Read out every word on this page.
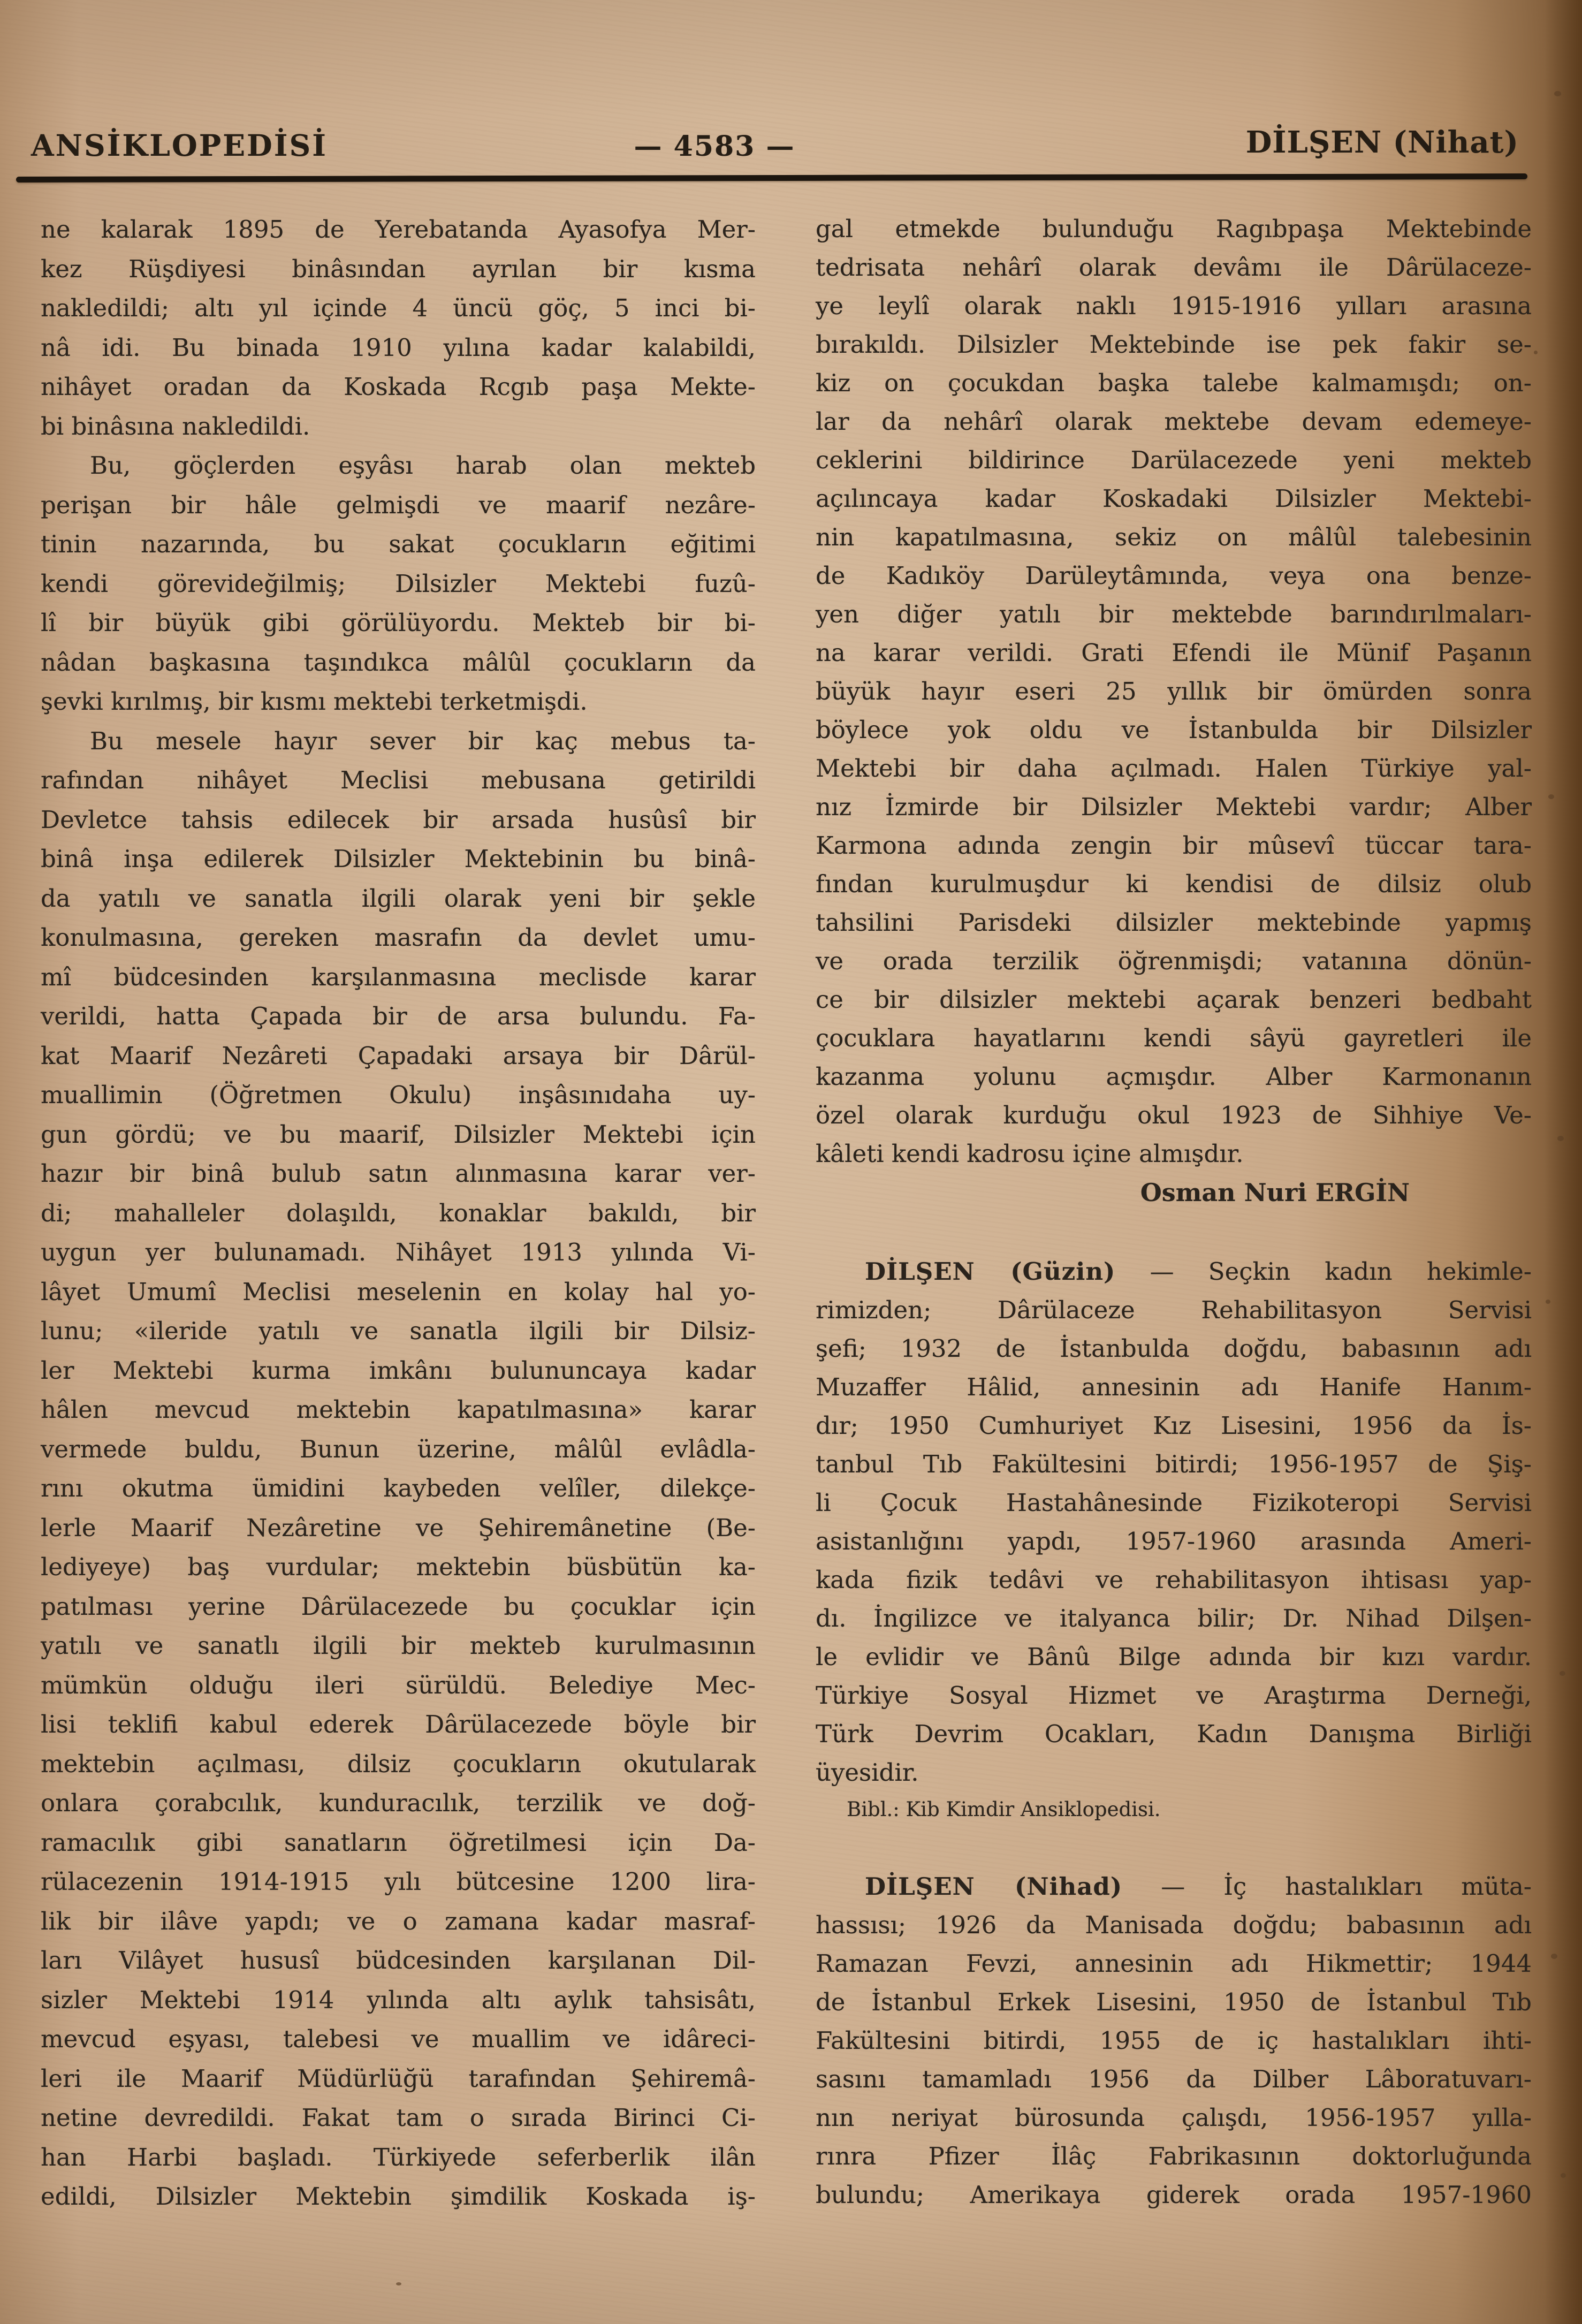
ANSİKLOPEDİSİ	— 4583 —	DİLŞEN (Nihat)
ne kalarak 1895 de Yerebatanda Ayasofya Mer-
kez Rüşdiyesi binâsından ayrılan bir kısma
nakledildi; altı yıl içinde 4 üncü göç, 5 inci bi-
nâ idi. Bu binada 1910 yılına kadar kalabildi,
nihâyet oradan da Koskada Rcgıb paşa Mekte-
bi binâsına nakledildi.
Bu, göçlerden eşyâsı harab olan mekteb
perişan bir hâle gelmişdi ve maarif nezâre-
tinin nazarında, bu sakat çocukların eğitimi
kendi görevideğilmiş; Dilsizler Mektebi fuzû-
lî bir büyük gibi görülüyordu. Mekteb bir bi-
nâdan başkasına taşındıkca mâlûl çocukların da
şevki kırılmış, bir kısmı mektebi terketmişdi.
Bu mesele hayır sever bir kaç mebus ta-
rafından nihâyet Meclisi mebusana getirildi
Devletce tahsis edilecek bir arsada husûsî bir
binâ inşa edilerek Dilsizler Mektebinin bu binâ-
da yatılı ve sanatla ilgili olarak yeni bir şekle
konulmasına, gereken masrafın da devlet umu-
mî büdcesinden karşılanmasına meclisde karar
verildi, hatta Çapada bir de arsa bulundu. Fa-
kat Maarif Nezâreti Çapadaki arsaya bir Dârül-
muallimin (Öğretmen Okulu) inşâsınıdaha uy-
gun gördü; ve bu maarif, Dilsizler Mektebi için
hazır bir binâ bulub satın alınmasına karar ver-
di; mahalleler dolaşıldı, konaklar bakıldı, bir
uygun yer bulunamadı. Nihâyet 1913 yılında Vi-
lâyet Umumî Meclisi meselenin en kolay hal yo-
lunu; «ileride yatılı ve sanatla ilgili bir Dilsiz-
ler Mektebi kurma imkânı bulununcaya kadar
hâlen mevcud mektebin kapatılmasına» karar
vermede buldu, Bunun üzerine, mâlûl evlâdla-
rını okutma ümidini kaybeden velîler, dilekçe-
lerle Maarif Nezâretine ve Şehiremânetine (Be-
lediyeye) baş vurdular; mektebin büsbütün ka-
patılması yerine Dârülacezede bu çocuklar için
yatılı ve sanatlı ilgili bir mekteb kurulmasının
mümkün olduğu ileri sürüldü. Belediye Mec-
lisi teklifi kabul ederek Dârülacezede böyle bir
mektebin açılması, dilsiz çocukların okutularak
onlara çorabcılık, kunduracılık, terzilik ve doğ-
ramacılık gibi sanatların öğretilmesi için Da-
rülacezenin 1914-1915 yılı bütcesine 1200 lira-
lik bir ilâve yapdı; ve o zamana kadar masraf-
ları Vilâyet hususî büdcesinden karşılanan Dil-
sizler Mektebi 1914 yılında altı aylık tahsisâtı,
mevcud eşyası, talebesi ve muallim ve idâreci-
leri ile Maarif Müdürlüğü tarafından Şehiremâ-
netine devredildi. Fakat tam o sırada Birinci Ci-
han Harbi başladı. Türkiyede seferberlik ilân
edildi, Dilsizler Mektebin şimdilik Koskada iş-
gal etmekde bulunduğu Ragıbpaşa Mektebinde
tedrisata nehârî olarak devâmı ile Dârülaceze-
ye leylî olarak naklı 1915-1916 yılları arasına
bırakıldı. Dilsizler Mektebinde ise pek fakir se-
kiz on çocukdan başka talebe kalmamışdı; on-
lar da nehârî olarak mektebe devam edemeye-
ceklerini bildirince Darülacezede yeni mekteb
açılıncaya kadar Koskadaki Dilsizler Mektebi-
nin kapatılmasına, sekiz on mâlûl talebesinin
de Kadıköy Darüleytâmında, veya ona benze-
yen diğer yatılı bir mektebde barındırılmaları-
na karar verildi. Grati Efendi ile Münif Paşanın
büyük hayır eseri 25 yıllık bir ömürden sonra
böylece yok oldu ve İstanbulda bir Dilsizler
Mektebi bir daha açılmadı. Halen Türkiye yal-
nız İzmirde bir Dilsizler Mektebi vardır; Alber
Karmona adında zengin bir mûsevî tüccar tara-
fından kurulmuşdur ki kendisi de dilsiz olub
tahsilini Parisdeki dilsizler mektebinde yapmış
ve orada terzilik öğrenmişdi; vatanına dönün-
ce bir dilsizler mektebi açarak benzeri bedbaht
çocuklara hayatlarını kendi sâyü gayretleri ile
kazanma yolunu açmışdır. Alber Karmonanın
özel olarak kurduğu okul 1923 de Sihhiye Ve-
kâleti kendi kadrosu içine almışdır.
Osman Nuri ERGİN
DİLŞEN (Güzin) — Seçkin kadın hekimle-
rimizden; Dârülaceze Rehabilitasyon Servisi
şefi; 1932 de İstanbulda doğdu, babasının adı
Muzaffer Hâlid, annesinin adı Hanife Hanım-
dır; 1950 Cumhuriyet Kız Lisesini, 1956 da İs-
tanbul Tıb Fakültesini bitirdi; 1956-1957 de Şiş-
li Çocuk Hastahânesinde Fizikoteropi Servisi
asistanlığını yapdı, 1957-1960 arasında Ameri-
kada fizik tedâvi ve rehabilitasyon ihtisası yap-
dı. İngilizce ve italyanca bilir; Dr. Nihad Dilşen-
le evlidir ve Bânû Bilge adında bir kızı vardır.
Türkiye Sosyal Hizmet ve Araştırma Derneği,
Türk Devrim Ocakları, Kadın Danışma Birliği
üyesidir.
Bibl.: Kib Kimdir Ansiklopedisi.
DİLŞEN (Nihad) — İç hastalıkları müta-
hassısı; 1926 da Manisada doğdu; babasının adı
Ramazan Fevzi, annesinin adı Hikmettir; 1944
de İstanbul Erkek Lisesini, 1950 de İstanbul Tıb
Fakültesini bitirdi, 1955 de iç hastalıkları ihti-
sasını tamamladı 1956 da Dilber Lâboratuvarı-
nın neriyat bürosunda çalışdı, 1956-1957 yılla-
rınra Pfizer İlâç Fabrikasının doktorluğunda
bulundu; Amerikaya giderek orada 1957-1960
